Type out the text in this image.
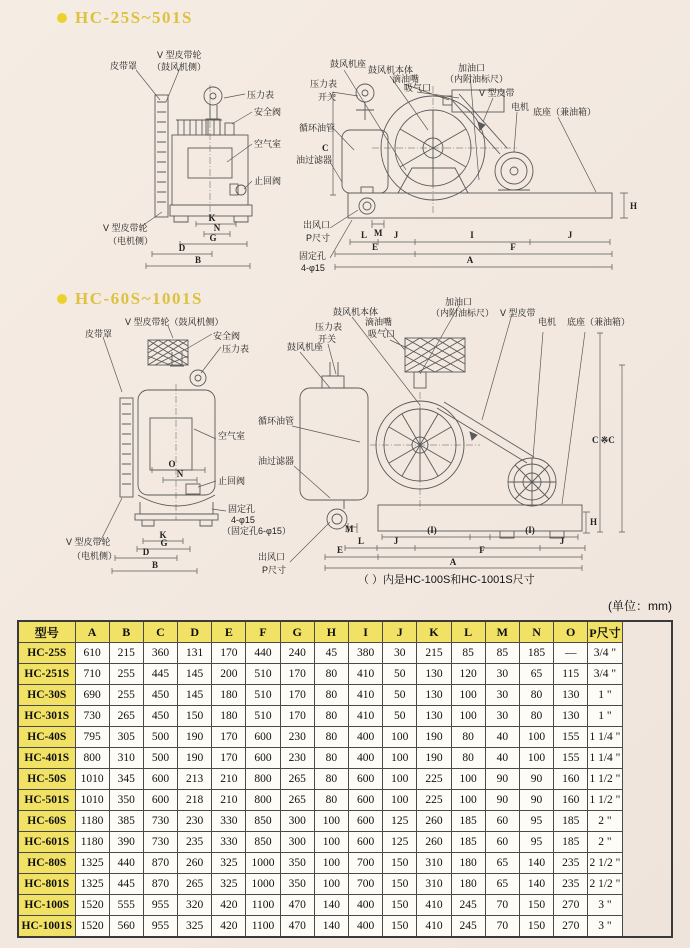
HC-25S~501S
K
N
G
D
B
皮带罩
V 型皮带轮
（鼓风机侧）
压力表
安全阀
空气室
止回阀
V 型皮带轮
（电机侧）
压力表
开关
循环油管
油过滤器
出风口
P尺寸
固定孔
4-φ15
C
H
M
L	J	I	J
E	F
A
鼓风机座
鼓风机本体
滴油嘴
吸气口
加油口
（内附油标尺）
V 型皮带
电机 底座（兼油箱）
HC-60S~1001S
O
N
K
G
D
B
皮带罩
V 型皮带轮（鼓风机侧）
安全阀
压力表
空气室
止回阀
固定孔
4-φ15
（固定孔6-φ15）
V 型皮带轮
（电机侧）
鼓风机座
压力表
开关
鼓风机本体
滴油嘴
吸气口
循环油管
油过滤器
出风口
P尺寸
C ※C
H
M	(I)	(I)
L	J	J
E	F
A
加油口
（内附油标尺） V 型皮带
电机 底座（兼油箱）
（ ）内是HC-100S和HC-1001S尺寸
(单位：mm)
型号	A	B	C	D	E	F	G	H	I	J	K	L	M	N	O	P尺寸
HC-25S	610	215	360	131	170	440	240	45	380	30	215	85	85	185	—	3/4 "
HC-251S	710	255	445	145	200	510	170	80	410	50	130	120	30	65	115	3/4 "
HC-30S	690	255	450	145	180	510	170	80	410	50	130	100	30	80	130	1 "
HC-301S	730	265	450	150	180	510	170	80	410	50	130	100	30	80	130	1 "
HC-40S	795	305	500	190	170	600	230	80	400	100	190	80	40	100	155	1 1/4 "
HC-401S	800	310	500	190	170	600	230	80	400	100	190	80	40	100	155	1 1/4 "
HC-50S	1010	345	600	213	210	800	265	80	600	100	225	100	90	90	160	1 1/2 "
HC-501S	1010	350	600	218	210	800	265	80	600	100	225	100	90	90	160	1 1/2 "
HC-60S	1180	385	730	230	330	850	300	100	600	125	260	185	60	95	185	2 "
HC-601S	1180	390	730	235	330	850	300	100	600	125	260	185	60	95	185	2 "
HC-80S	1325	440	870	260	325	1000	350	100	700	150	310	180	65	140	235	2 1/2 "
HC-801S	1325	445	870	265	325	1000	350	100	700	150	310	180	65	140	235	2 1/2 "
HC-100S	1520	555	955	320	420	1100	470	140	400	150	410	245	70	150	270	3 "
HC-1001S	1520	560	955	325	420	1100	470	140	400	150	410	245	70	150	270	3 "
